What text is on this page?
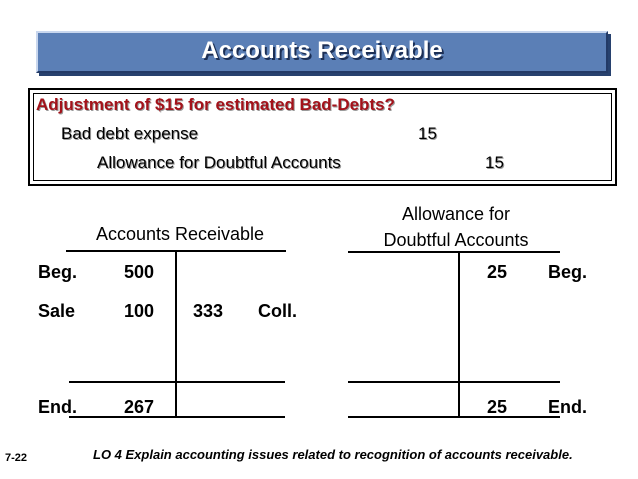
Accounts Receivable
Adjustment of $15 for estimated Bad-Debts?
Bad debt expense	15
Allowance for Doubtful Accounts	15
Accounts Receivable
Beg.	500
Sale	100 333 Coll.
End.	267
Allowance for
Doubtful Accounts
25 Beg.
25 End.
7-22	LO 4 Explain accounting issues related to recognition of accounts receivable.
